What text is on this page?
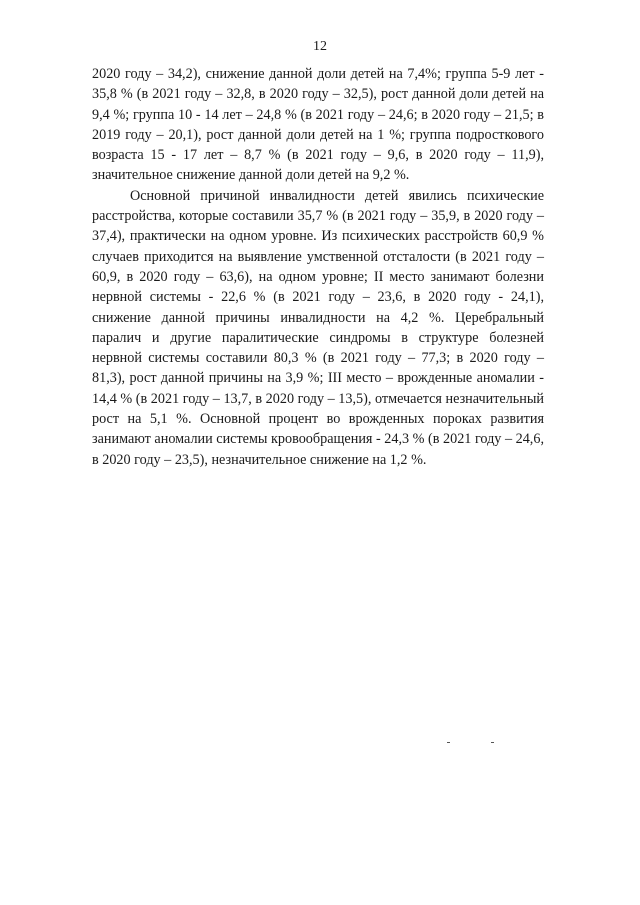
12

2020 году – 34,2), снижение данной доли детей на 7,4%; группа 5-9 лет - 35,8 % (в 2021 году – 32,8, в 2020 году – 32,5), рост данной доли детей на 9,4 %; группа 10 - 14 лет – 24,8 % (в 2021 году – 24,6; в 2020 году – 21,5; в 2019 году – 20,1), рост данной доли детей на 1 %; группа подросткового возраста 15 - 17 лет – 8,7 % (в 2021 году – 9,6, в 2020 году – 11,9), значительное снижение данной доли детей на 9,2 %.

Основной причиной инвалидности детей явились психические расстройства, которые составили 35,7 % (в 2021 году – 35,9, в 2020 году – 37,4), практически на одном уровне. Из психических расстройств 60,9 % случаев приходится на выявление умственной отсталости (в 2021 году – 60,9, в 2020 году – 63,6), на одном уровне; II место занимают болезни нервной системы - 22,6 % (в 2021 году – 23,6, в 2020 году - 24,1), снижение данной причины инвалидности на 4,2 %. Церебральный паралич и другие паралитические синдромы в структуре болезней нервной системы составили 80,3 % (в 2021 году – 77,3; в 2020 году – 81,3), рост данной причины на 3,9 %; III место – врожденные аномалии - 14,4 % (в 2021 году – 13,7, в 2020 году – 13,5), отмечается незначительный рост на 5,1 %. Основной процент во врожденных пороках развития занимают аномалии системы кровообращения - 24,3 % (в 2021 году – 24,6, в 2020 году – 23,5), незначительное снижение на 1,2 %.
